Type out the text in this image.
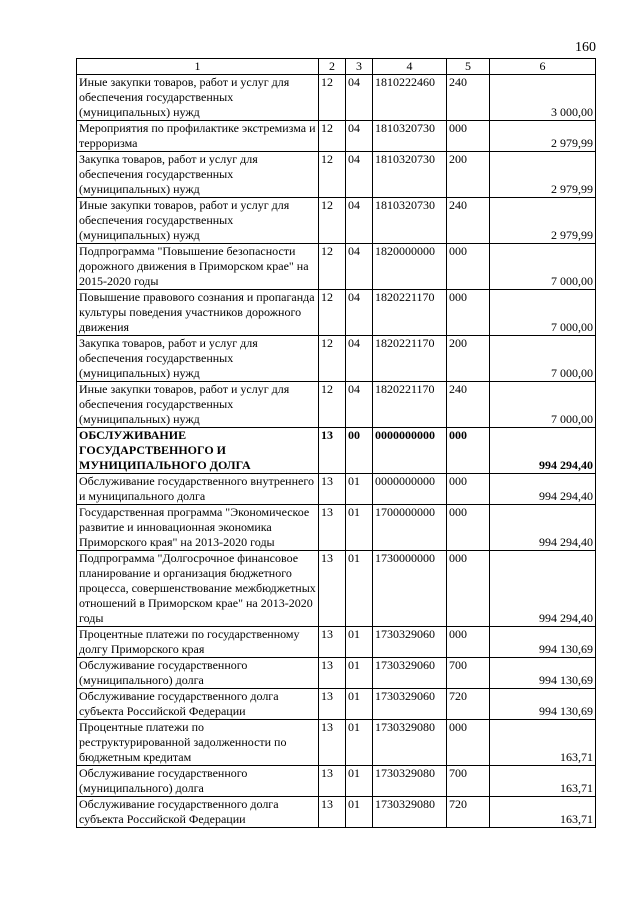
160
1	2	3	4	5	6
Иные закупки товаров, работ и услуг для обеспечения государственных (муниципальных) нужд	12	04	1810222460	240	3 000,00
Мероприятия по профилактике экстремизма и терроризма	12	04	1810320730	000	2 979,99
Закупка товаров, работ и услуг для обеспечения государственных (муниципальных) нужд	12	04	1810320730	200	2 979,99
Иные закупки товаров, работ и услуг для обеспечения государственных (муниципальных) нужд	12	04	1810320730	240	2 979,99
Подпрограмма "Повышение безопасности дорожного движения в Приморском крае" на 2015-2020 годы	12	04	1820000000	000	7 000,00
Повышение правового сознания и пропаганда культуры поведения участников дорожного движения	12	04	1820221170	000	7 000,00
Закупка товаров, работ и услуг для обеспечения государственных (муниципальных) нужд	12	04	1820221170	200	7 000,00
Иные закупки товаров, работ и услуг для обеспечения государственных (муниципальных) нужд	12	04	1820221170	240	7 000,00
ОБСЛУЖИВАНИЕ ГОСУДАРСТВЕННОГО И МУНИЦИПАЛЬНОГО ДОЛГА	13	00	0000000000	000	994 294,40
Обслуживание государственного внутреннего и муниципального долга	13	01	0000000000	000	994 294,40
Государственная программа "Экономическое развитие и инновационная экономика Приморского края" на 2013-2020 годы	13	01	1700000000	000	994 294,40
Подпрограмма "Долгосрочное финансовое планирование и организация бюджетного процесса, совершенствование межбюджетных отношений в Приморском крае" на 2013-2020 годы	13	01	1730000000	000	994 294,40
Процентные платежи по государственному долгу Приморского края	13	01	1730329060	000	994 130,69
Обслуживание государственного (муниципального) долга	13	01	1730329060	700	994 130,69
Обслуживание государственного долга субъекта Российской Федерации	13	01	1730329060	720	994 130,69
Процентные платежи по реструктурированной задолженности по бюджетным кредитам	13	01	1730329080	000	163,71
Обслуживание государственного (муниципального) долга	13	01	1730329080	700	163,71
Обслуживание государственного долга субъекта Российской Федерации	13	01	1730329080	720	163,71
